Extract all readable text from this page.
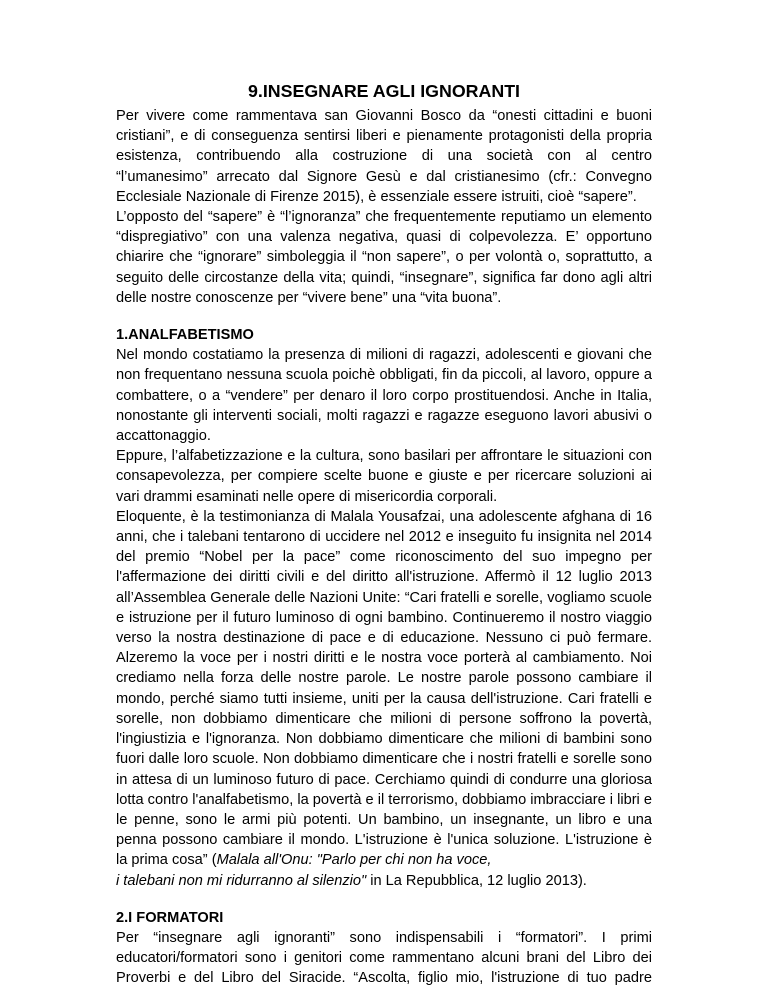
9.INSEGNARE AGLI IGNORANTI

Per vivere come rammentava san Giovanni Bosco da “onesti cittadini e buoni cristiani”, e di conseguenza sentirsi liberi e pienamente protagonisti della propria esistenza, contribuendo alla costruzione di una società con al centro “l’umanesimo” arrecato dal Signore Gesù e dal cristianesimo (cfr.: Convegno Ecclesiale Nazionale di Firenze 2015), è essenziale essere istruiti, cioè “sapere”.

L’opposto del “sapere” è “l’ignoranza” che frequentemente reputiamo un elemento “dispregiativo” con una valenza negativa, quasi di colpevolezza. E’ opportuno chiarire che “ignorare” simboleggia il “non sapere”, o per volontà o, soprattutto, a seguito delle circostanze della vita; quindi, “insegnare”, significa far dono agli altri delle nostre conoscenze per “vivere bene” una “vita buona”.

1.ANALFABETISMO

Nel mondo costatiamo la presenza di milioni di ragazzi, adolescenti e giovani che non frequentano nessuna scuola poichè obbligati, fin da piccoli, al lavoro, oppure a combattere, o a “vendere” per denaro il loro corpo prostituendosi. Anche in Italia, nonostante gli interventi sociali, molti ragazzi e ragazze eseguono lavori abusivi o accattonaggio.

Eppure, l’alfabetizzazione e la cultura, sono basilari per affrontare le situazioni con consapevolezza, per compiere scelte buone e giuste e per ricercare soluzioni ai vari drammi esaminati nelle opere di misericordia corporali.

Eloquente, è la testimonianza di Malala Yousafzai, una adolescente afghana di 16 anni, che i talebani tentarono di uccidere nel 2012 e inseguito fu insignita nel 2014 del premio “Nobel per la pace” come riconoscimento del suo impegno per l'affermazione dei diritti civili e del diritto all'istruzione. Affermò il 12 luglio 2013 all’Assemblea Generale delle Nazioni Unite: “Cari fratelli e sorelle, vogliamo scuole e istruzione per il futuro luminoso di ogni bambino. Continueremo il nostro viaggio verso la nostra destinazione di pace e di educazione. Nessuno ci può fermare. Alzeremo la voce per i nostri diritti e le nostra voce porterà al cambiamento. Noi crediamo nella forza delle nostre parole. Le nostre parole possono cambiare il mondo, perché siamo tutti insieme, uniti per la causa dell'istruzione. Cari fratelli e sorelle, non dobbiamo dimenticare che milioni di persone soffrono la povertà, l'ingiustizia e l'ignoranza. Non dobbiamo dimenticare che milioni di bambini sono fuori dalle loro scuole. Non dobbiamo dimenticare che i nostri fratelli e sorelle sono in attesa di un luminoso futuro di pace. Cerchiamo quindi di condurre una gloriosa lotta contro l'analfabetismo, la povertà e il terrorismo, dobbiamo imbracciare i libri e le penne, sono le armi più potenti. Un bambino, un insegnante, un libro e una penna possono cambiare il mondo. L'istruzione è l'unica soluzione. L'istruzione è la prima cosa” (Malala all'Onu: "Parlo per chi non ha voce,

i talebani non mi ridurranno al silenzio" in La Repubblica, 12 luglio 2013).

2.I FORMATORI

Per “insegnare agli ignoranti” sono indispensabili i “formatori”. I primi educatori/formatori sono i genitori come rammentano alcuni brani del Libro dei Proverbi e del Libro del Siracide. “Ascolta, figlio mio, l'istruzione di tuo padre
